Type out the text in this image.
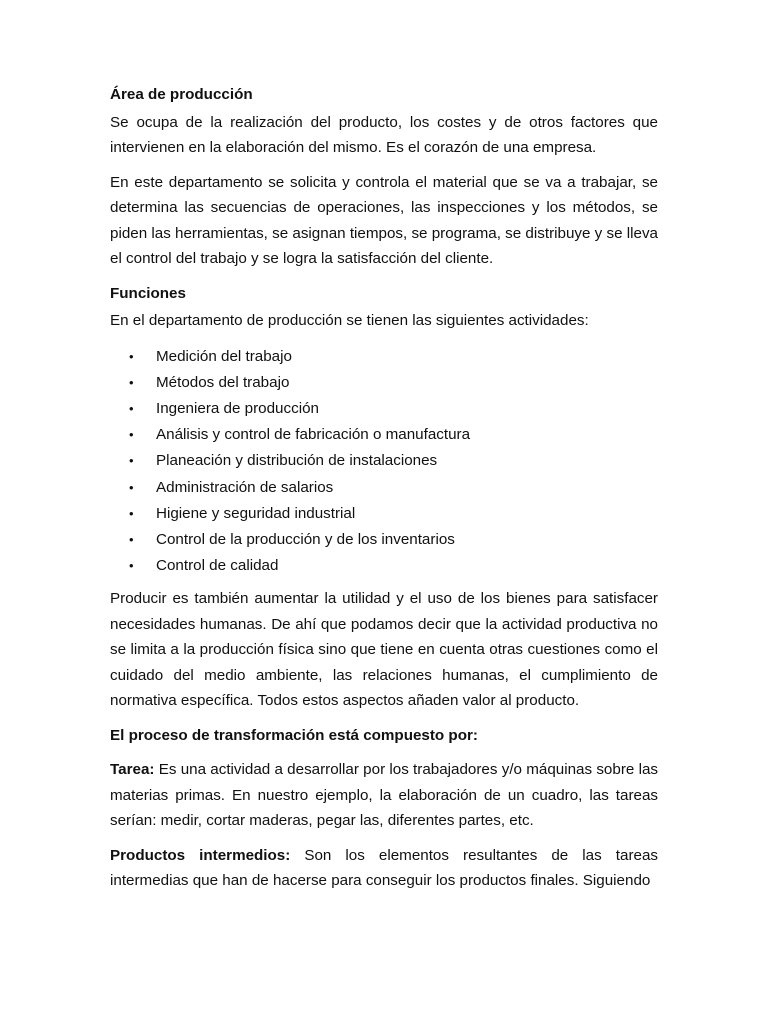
Área de producción

Se ocupa de la realización del producto, los costes y de otros factores que intervienen en la elaboración del mismo. Es el corazón de una empresa.

En este departamento se solicita y controla el material que se va a trabajar, se determina las secuencias de operaciones, las inspecciones y los métodos, se piden las herramientas, se asignan tiempos, se programa, se distribuye y se lleva el control del trabajo y se logra la satisfacción del cliente.

Funciones

En el departamento de producción se tienen las siguientes actividades:

• Medición del trabajo
• Métodos del trabajo
• Ingeniera de producción
• Análisis y control de fabricación o manufactura
• Planeación y distribución de instalaciones
• Administración de salarios
• Higiene y seguridad industrial
• Control de la producción y de los inventarios
• Control de calidad

Producir es también aumentar la utilidad y el uso de los bienes para satisfacer necesidades humanas. De ahí que podamos decir que la actividad productiva no se limita a la producción física sino que tiene en cuenta otras cuestiones como el cuidado del medio ambiente, las relaciones humanas, el cumplimiento de normativa específica. Todos estos aspectos añaden valor al producto.

El proceso de transformación está compuesto por:

Tarea: Es una actividad a desarrollar por los trabajadores y/o máquinas sobre las materias primas. En nuestro ejemplo, la elaboración de un cuadro, las tareas serían: medir, cortar maderas, pegar las, diferentes partes, etc.

Productos intermedios: Son los elementos resultantes de las tareas intermedias que han de hacerse para conseguir los productos finales. Siguiendo
